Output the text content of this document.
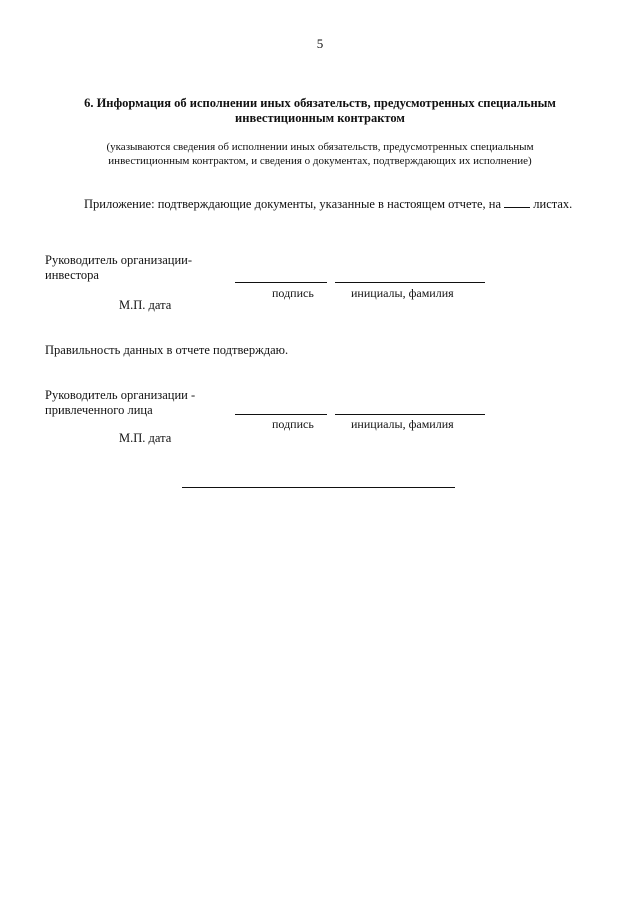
5
6. Информация об исполнении иных обязательств, предусмотренных специальным
инвестиционным контрактом
(указываются сведения об исполнении иных обязательств, предусмотренных специальным
инвестиционным контрактом, и сведения о документах, подтверждающих их исполнение)
Приложение: подтверждающие документы, указанные в настоящем отчете, на	листах.
Руководитель организации-
инвестора
подпись	инициалы, фамилия
М.П. дата
Правильность данных в отчете подтверждаю.
Руководитель организации -
привлеченного лица
подпись	инициалы, фамилия
М.П. дата
